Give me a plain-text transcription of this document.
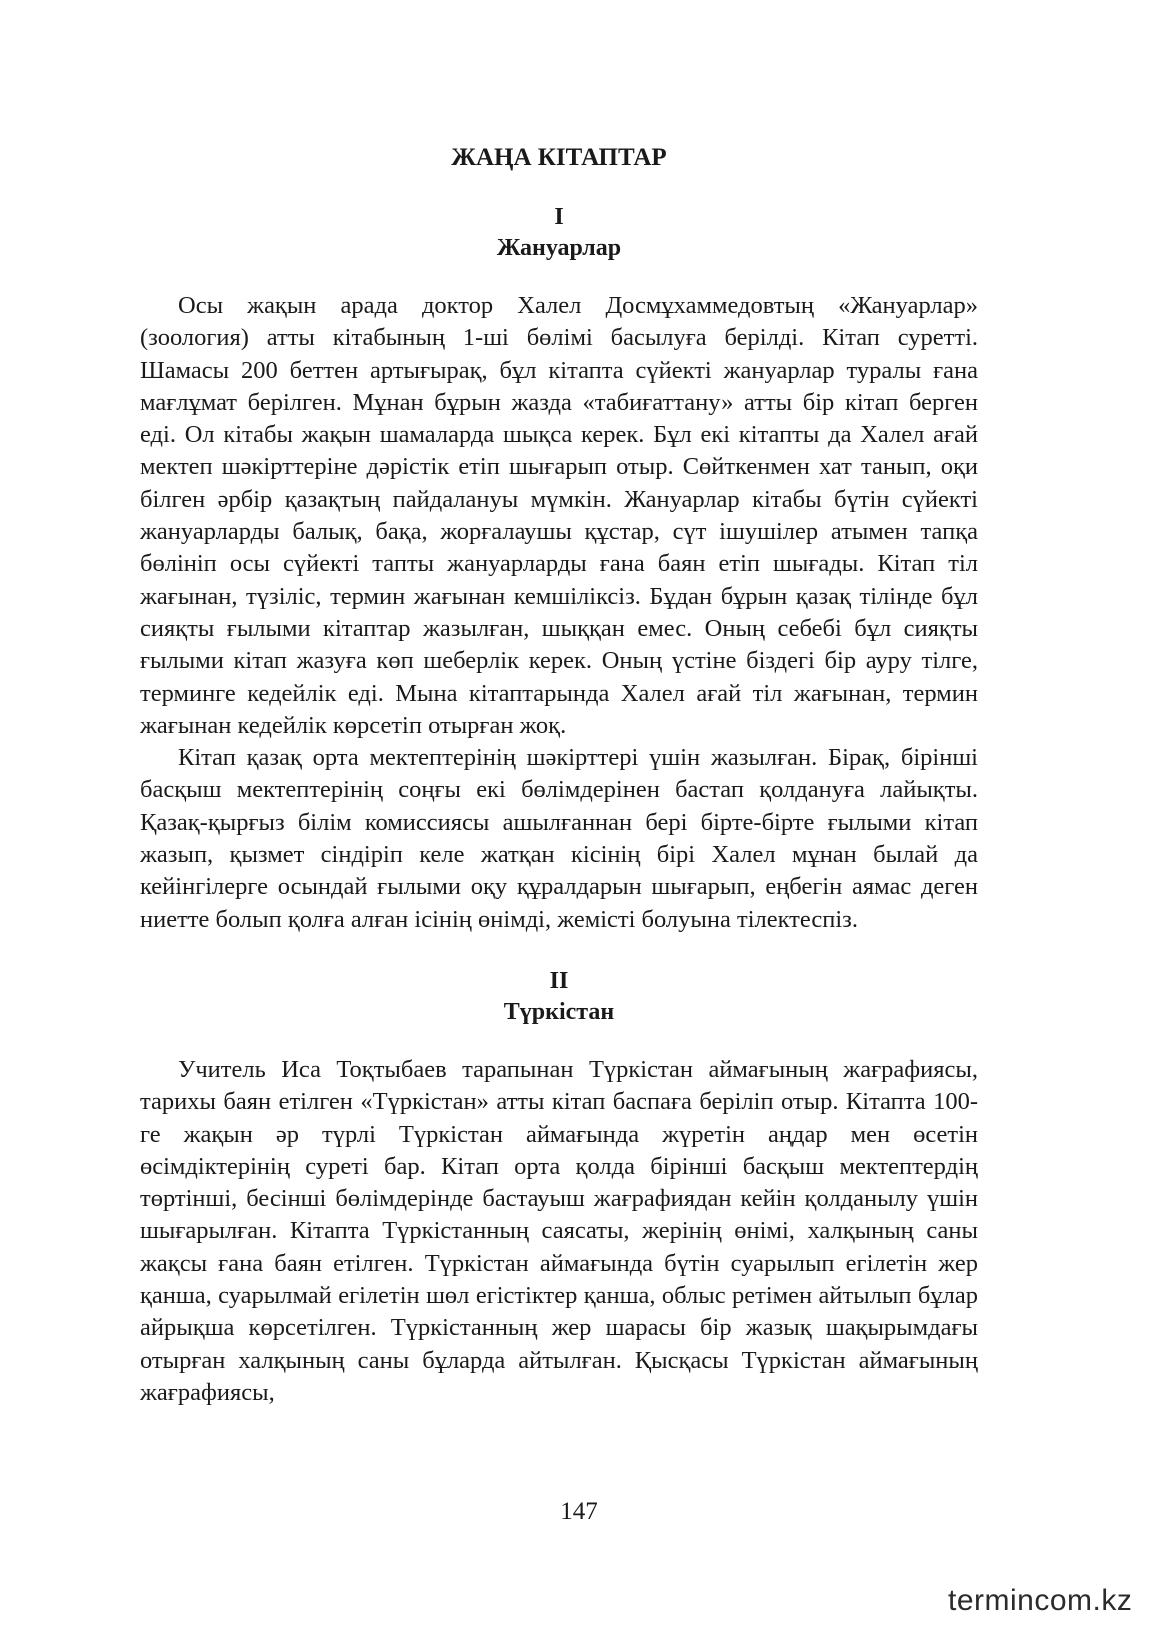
ЖАҢА КІТАПТАР
I
Жануарлар

Осы жақын арада доктор Халел Досмұхаммедовтың «Жануарлар» (зоология) атты кітабының 1-ші бөлімі басылуға берілді. Кітап суретті. Шамасы 200 беттен артығырақ, бұл кітапта сүйекті жануарлар туралы ғана мағлұмат берілген. Мұнан бұрын жазда «табиғаттану» атты бір кітап берген еді. Ол кітабы жақын шамаларда шықса керек. Бұл екі кітапты да Халел ағай мектеп шәкірттеріне дәрістік етіп шығарып отыр. Сөйткенмен хат танып, оқи білген әрбір қазақтың пайдалануы мүмкін. Жануарлар кітабы бүтін сүйекті жануарларды балық, бақа, жорғалаушы құстар, сүт ішушілер атымен тапқа бөлініп осы сүйекті тапты жануарларды ғана баян етіп шығады. Кітап тіл жағынан, түзіліс, термин жағынан кемшіліксіз. Бұдан бұрын қазақ тілінде бұл сияқты ғылыми кітаптар жазылған, шыққан емес. Оның себебі бұл сияқты ғылыми кітап жазуға көп шеберлік керек. Оның үстіне біздегі бір ауру тілге, терминге кедейлік еді. Мына кітаптарында Халел ағай тіл жағынан, термин жағынан кедейлік көрсетіп отырған жоқ.

Кітап қазақ орта мектептерінің шәкірттері үшін жазылған. Бірақ, бірінші басқыш мектептерінің соңғы екі бөлімдерінен бастап қолдануға лайықты. Қазақ-қырғыз білім комиссиясы ашылғаннан бері бірте-бірте ғылыми кітап жазып, қызмет сіндіріп келе жатқан кісінің бірі Халел мұнан былай да кейінгілерге осындай ғылыми оқу құралдарын шығарып, еңбегін аямас деген ниетте болып қолға алған ісінің өнімді, жемісті болуына тілектеспіз.

II
Түркістан

Учитель Иса Тоқтыбаев тарапынан Түркістан аймағының жағрафиясы, тарихы баян етілген «Түркістан» атты кітап баспаға беріліп отыр. Кітапта 100-ге жақын әр түрлі Түркістан аймағында жүретін аңдар мен өсетін өсімдіктерінің суреті бар. Кітап орта қолда бірінші басқыш мектептердің төртінші, бесінші бөлімдерінде бастауыш жағрафиядан кейін қолданылу үшін шығарылған. Кітапта Түркістанның саясаты, жерінің өнімі, халқының саны жақсы ғана баян етілген. Түркістан аймағында бүтін суарылып егілетін жер қанша, суарылмай егілетін шөл егістіктер қанша, облыс ретімен айтылып бұлар айрықша көрсетілген. Түркістанның жер шарасы бір жазық шақырымдағы отырған халқының саны бұларда айтылған. Қысқасы Түркістан аймағының жағрафиясы,

147
termincom.kz
